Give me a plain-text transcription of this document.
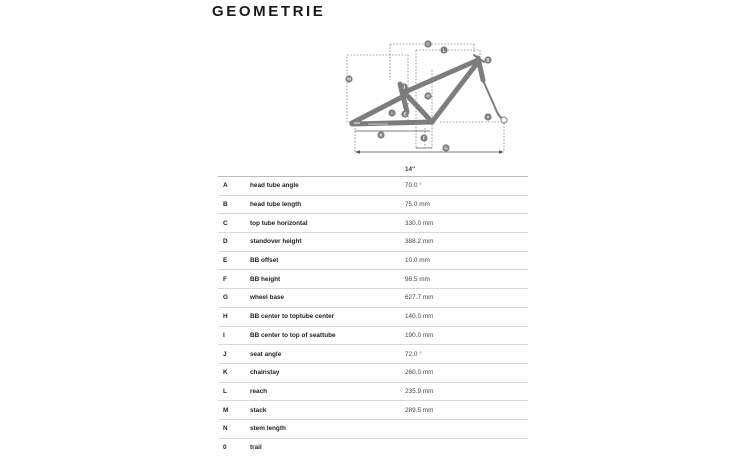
GEOMETRIE
A
B
C
E
F
G
H
I
J
K
L
M
		14''
A	head tube angle	70.0 °
B	head tube length	75.0 mm
C	top tube horizontal	330.0 mm
D	standover height	388.2 mm
E	BB offset	10.0 mm
F	BB height	98.5 mm
G	wheel base	627.7 mm
H	BB center to toptube center	140.0 mm
I	BB center to top of seattube	190.0 mm
J	seat angle	72.0 °
K	chainstay	260.0 mm
L	reach	235.9 mm
M	stack	289.5 mm
N	stem length	
0	trail	
